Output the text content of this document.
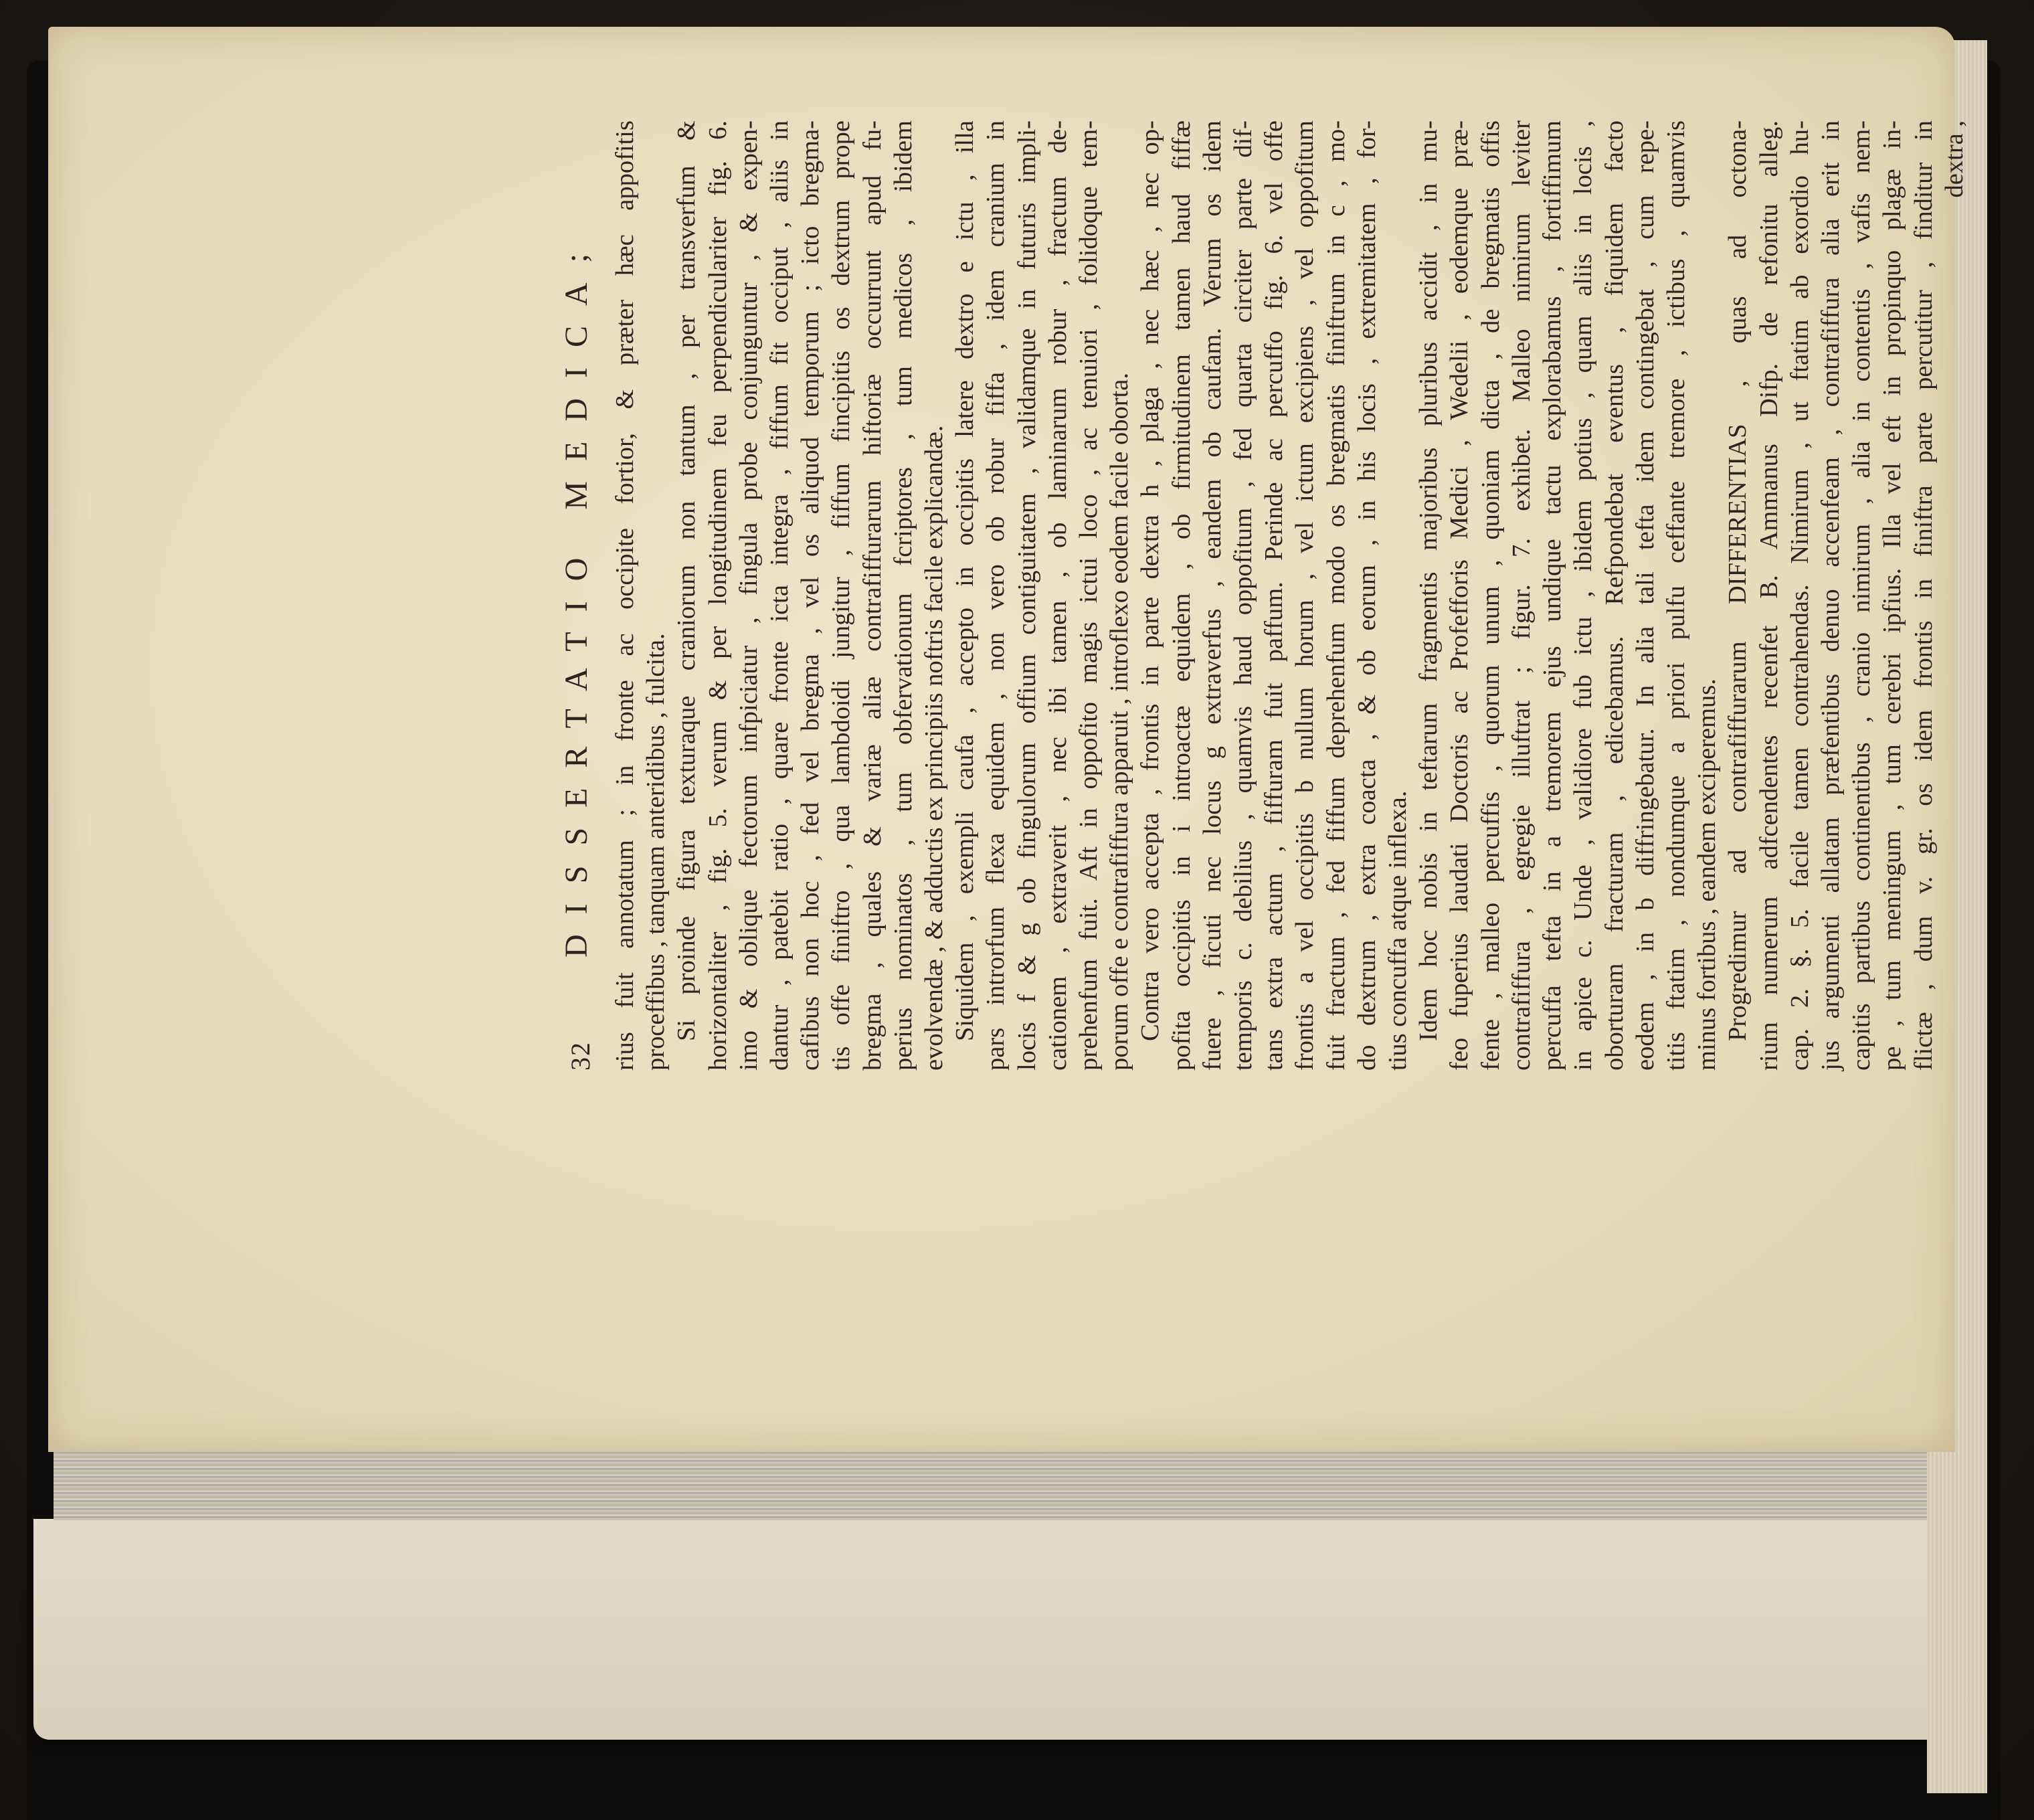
32
DISSERTATIO MEDICA; rius fuit annotatum ; in fronte ac occipite fortior, & præter hæc appofitis proceffibus , tanquam anteridibus , fulcita. Si proinde figura texturaque craniorum non tantum , per transverfum & horizontaliter , fig. 5. verum & per longitudinem feu perpendiculariter fig. 6. imo & oblique fectorum infpiciatur , fingula probe conjunguntur , & expen- dantur , patebit ratio , quare fronte icta integra , fiffum fit occiput , aliis in cafibus non hoc , fed vel bregma , vel os aliquod temporum ; icto bregma- tis offe finiftro , qua lambdoidi jungitur , fiffum fincipitis os dextrum prope bregma , quales & variæ aliæ contrafiffurarum hiftoriæ occurrunt apud fu- perius nominatos , tum obfervationum fcriptores , tum medicos , ibidem evolvendæ , & adductis ex principiis noftris facile explicandæ. Siquidem , exempli caufa , accepto in occipitis latere dextro e ictu , illa pars introrfum flexa equidem , non vero ob robur fiffa , idem cranium in locis f & g ob fingulorum offium contiguitatem , validamque in futuris impli- cationem , extraverit , nec ibi tamen , ob laminarum robur , fractum de- prehenfum fuit. Aft in oppofito magis ictui loco , ac tenuiori , folidoque tem- porum offe e contrafiffura apparuit , introflexo eodem facile oborta. Contra vero accepta , frontis in parte dextra h , plaga , nec hæc , nec op- pofita occipitis in i introactæ equidem , ob firmitudinem tamen haud fiffæ fuere , ficuti nec locus g extraverfus , eandem ob caufam. Verum os idem temporis c. debilius , quamvis haud oppofitum , fed quarta circiter parte dif- tans extra actum , fiffuram fuit paffum. Perinde ac percuffo fig. 6. vel offe frontis a vel occipitis b nullum horum , vel ictum excipiens , vel oppofitum fuit fractum , fed fiffum deprehenfum modo os bregmatis finiftrum in c , mo- do dextrum , extra coacta , & ob eorum , in his locis , extremitatem , for- tius concuffa atque inflexa. Idem hoc nobis in teftarum fragmentis majoribus pluribus accidit , in mu- feo fuperius laudati Doctoris ac Profefforis Medici , Wedelii , eodemque præ- fente , malleo percuffis , quorum unum , quoniam dicta , de bregmatis offis contrafiffura , egregie illuftrat ; figur. 7. exhibet. Malleo nimirum leviter percuffa tefta in a tremorem ejus undique tactu explorabamus , fortiffimum in apice c. Unde , validiore fub ictu , ibidem potius , quam aliis in locis , oborturam fracturam , edicebamus. Refpondebat eventus , fiquidem facto eodem , in b diffringebatur. In alia tali tefta idem contingebat , cum repe- titis ftatim , nondumque a priori pulfu ceffante tremore , ictibus , quamvis minus fortibus , eandem exciperemus. Progredimur ad contrafiffurarum DIFFERENTIAS , quas ad octona- rium numerum adfcendentes recenfet B. Ammanus Difp. de refonitu alleg. cap. 2. §. 5. facile tamen contrahendas. Nimirum , ut ftatim ab exordio hu- jus argumenti allatam præfentibus denuo accenfeam , contrafiffura alia erit in capitis partibus continentibus , cranio nimirum , alia in contentis , vafis nem- pe , tum meningum , tum cerebri ipfius. Illa vel eft in propinquo plagæ in- flictæ , dum v. gr. os idem frontis in finiftra parte percutitur , finditur in dextra ,
